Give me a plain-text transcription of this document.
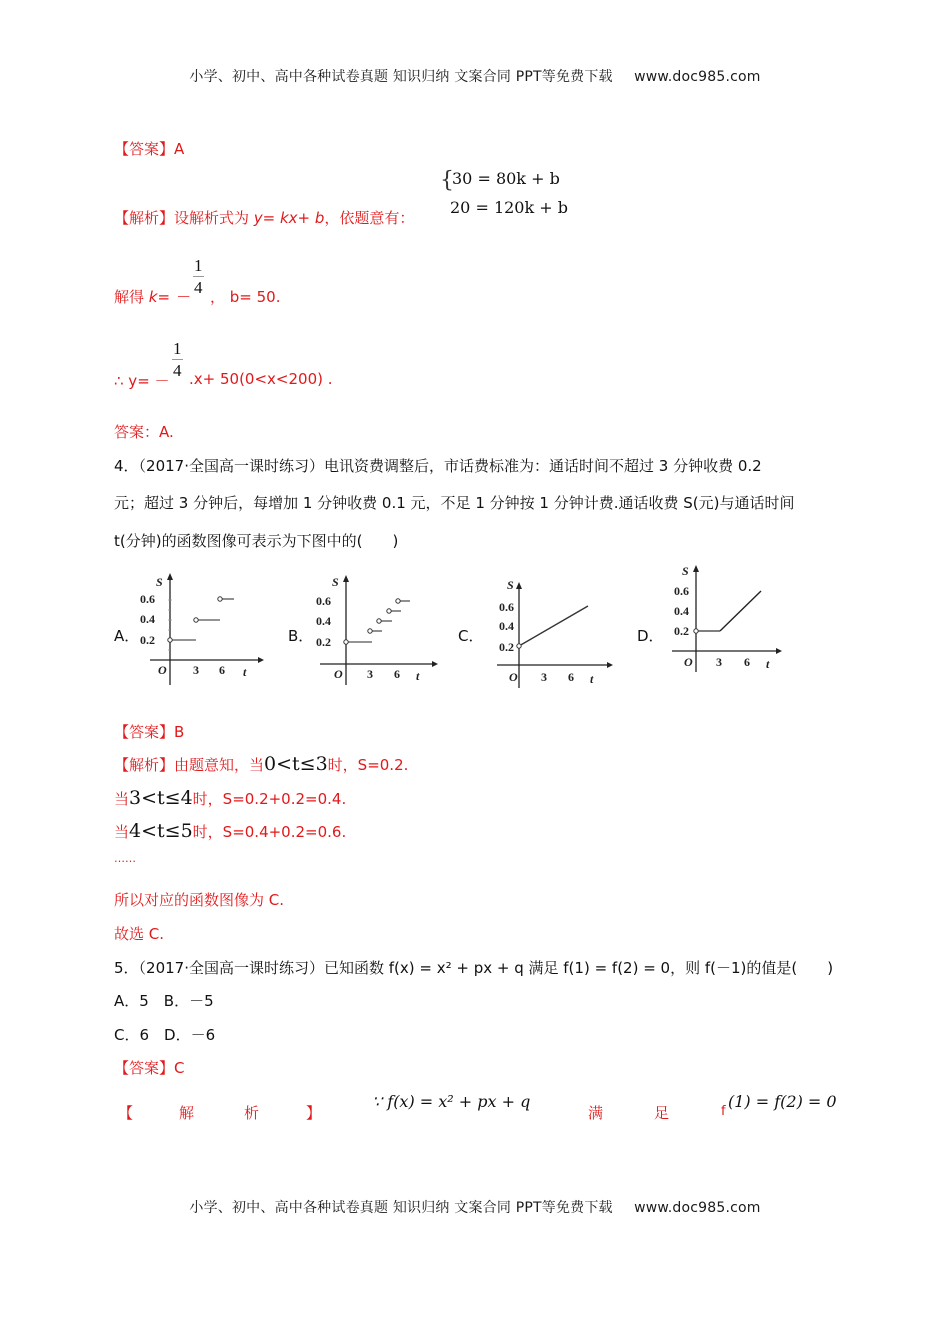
小学、初中、高中各种试卷真题 知识归纳 文案合同 PPT等免费下载 www.doc985.com
【答案】A
【解析】设解析式为 y= kx+ b，依题意有：
{
30 = 80k + b
20 = 120k + b
解得 $k= - \frac{1}{4}$ ， b= 50.
∴ $y= - \frac{1}{4} .x+ 50(0<x<200)$ .
答案：A.
4．（2017·全国高一课时练习）电讯资费调整后，市话费标准为：通话时间不超过 3 分钟收费 0.2
元；超过 3 分钟后，每增加 1 分钟收费 0.1 元，不足 1 分钟按 1 分钟计费.通话收费 S(元)与通话时间
t(分钟)的函数图像可表示为下图中的(　　)
A．	B．	C．	D．
S
0.6
0.4
0.2
O 3 6 t
S
0.6
0.4
0.2
O 3 6 t
S
0.6
0.4
0.2
O 3 6 t
S
0.6
0.4
0.2
O 3 6 t
【答案】B
【解析】由题意知，当0<t≤3时，S=0.2.
当3<t≤4时，S=0.2+0.2=0.4.
当4<t≤5时，S=0.4+0.2=0.6.
……
所以对应的函数图像为 C.
故选 C.
5．（2017·全国高一课时练习）已知函数 f(x) = x² + px + q 满足 f(1) = f(2) = 0，则 f(－1)的值是(　　)
A．5　B．－5
C．6　D．－6
【答案】C
【	解	析	】
∵ f(x) = x² + px + q
满	足	f
(1) = f(2) = 0
小学、初中、高中各种试卷真题 知识归纳 文案合同 PPT等免费下载 www.doc985.com
